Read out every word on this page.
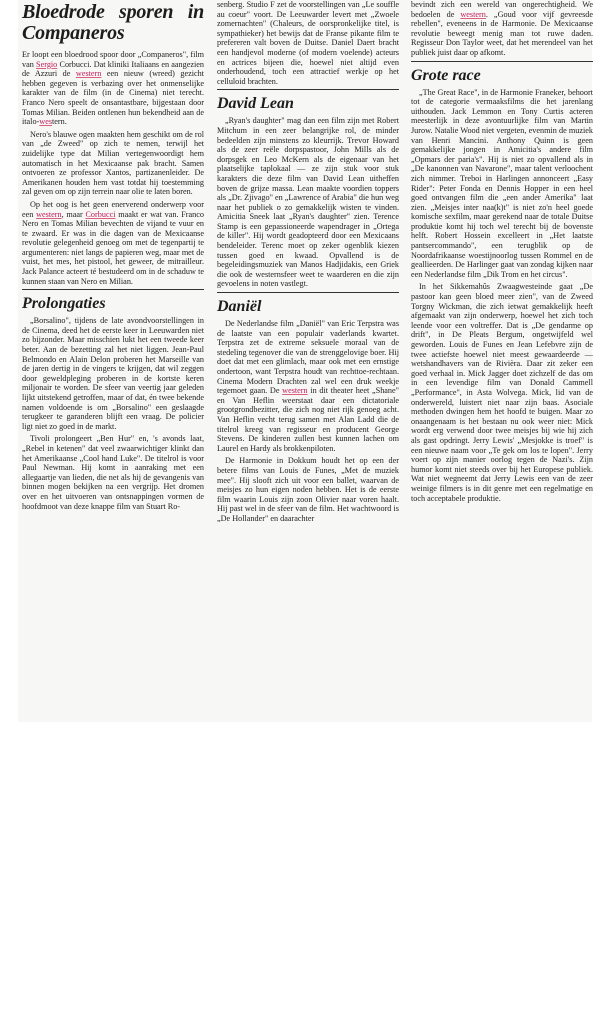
Bloedrode sporen in Companeros

Er loopt een bloedrood spoor door „Companeros", film van Sergio Corbucci. Dat kliniki Italiaans en aangezien de Azzuri de western een nieuw (wreed) gezicht hebben gegeven is verbazing over het onmenselijke karakter van de film (in de Cinema) niet terecht. Franco Nero speelt de onsantastbare, bijgestaan door Tomas Milian. Beiden ontlenen hun bekendheid aan de italo-western.

Nero's blauwe ogen maakten hem geschikt om de rol van „de Zweed" op zich te nemen, terwijl het zuidelijke type dat Milian vertegenwoordigt hem automatisch in het Mexicaanse pak bracht. Samen ontvoeren ze professor Xantos, partizanenleider. De Amerikanen houden hem vast totdat hij toestemming zal geven om op zijn terrein naar olie te laten boren.

Op het oog is het geen enerverend onderwerp voor een western, maar Corbucci maakt er wat van. Franco Nero en Tomas Milian bevechten de vijand te vuur en te zwaard. Er was in die dagen van de Mexicaanse revolutie gelegenheid genoeg om met de tegenpartij te argumenteren: niet langs de papieren weg, maar met de vuist, het mes, het pistool, het geweer, de mitrailleur. Jack Palance acteert té bestudeerd om in de schaduw te kunnen staan van Nero en Milian.

Prolongaties

„Borsalino", tijdens de late avondvoorstellingen in de Cinema, deed het de eerste keer in Leeuwarden niet zo bijzonder. Maar misschien lukt het een tweede keer beter. Aan de bezetting zal het niet liggen. Jean-Paul Belmondo en Alain Delon proberen het Marseille van de jaren dertig in de vingers te krijgen, dat wil zeggen door geweldpleging proberen in de kortste keren miljonair te worden. De sfeer van veertig jaar geleden lijkt uitstekend getroffen, maar of dat, én twee bekende namen voldoende is om „Borsalino" een geslaagde terugkeer te garanderen blijft een vraag. De policier ligt niet zo goed in de markt.

Tivoli prolongeert „Ben Hur" en, 's avonds laat, „Rebel in ketenen" dat veel zwaarwichtiger klinkt dan het Amerikaanse „Cool hand Luke". De titelrol is voor Paul Newman. Hij komt in aanraking met een allegaartje van lieden, die net als hij de gevangenis van binnen mogen bekijken na een vergrijp. Het dromen over en het uitvoeren van ontsnappingen vormen de hoofdmoot van deze knappe film van Stuart Ro-

senberg. Studio F zet de voorstellingen van „Le souffle au coeur" voort. De Leeuwarder levert met „Zwoele zomernachten" (Chaleurs, de oorspronkelijke titel, is sympathieker) het bewijs dat de Franse pikante film te prefereren valt boven de Duitse. Daniel Daert bracht een handjevol moderne (of modern voelende) acteurs en actrices bijeen die, hoewel niet altijd even onderhoudend, toch een attractief werkje op het celluloid brachten.

David Lean

„Ryan's daughter" mag dan een film zijn met Robert Mitchum in een zeer belangrijke rol, de minder bedeelden zijn minstens zo kleurrijk. Trevor Howard als de zeer reële dorpspastoor, John Mills als de dorpsgek en Leo McKern als de eigenaar van het plaatselijke taplokaal — ze zijn stuk voor stuk karakters die deze film van David Lean uitheffen boven de grijze massa. Lean maakte voordien toppers als „Dr. Zjivago" en „Lawrence of Arabia" die hun weg naar het publiek o zo gemakkelijk wisten te vinden. Amicitia Sneek laat „Ryan's daughter" zien. Terence Stamp is een gepassioneerde wapendrager in „Ortega de killer". Hij wordt geadopteerd door een Mexicaans bendeleider. Terenc moet op zeker ogenblik kiezen tussen goed en kwaad. Opvallend is de begeleidingsmuziek van Manos Hadjidakis, een Griek die ook de westernsfeer weet te waarderen en die zijn gevoelens in noten vastlegt.

Daniël

De Nederlandse film „Daniël" van Eric Terpstra was de laatste van een populair vaderlands kwartet. Terpstra zet de extreme seksuele moraal van de stedeling tegenover die van de strenggelovige boer. Hij doet dat met een glimlach, maar ook met een ernstige ondertoon, want Terpstra houdt van rechttoe-rechtaan. Cinema Modern Drachten zal wel een druk weekje tegemoet gaan. De western in dit theater heet „Shane" en Van Heflin weerstaat daar een dictatoriale grootgrondbezitter, die zich nog niet rijk genoeg acht. Van Heflin vecht terug samen met Alan Ladd die de titelrol kreeg van regisseur en producent George Stevens. De kinderen zullen best kunnen lachen om Laurel en Hardy als brokkenpiloten.

De Harmonie in Dokkum houdt het op een der betere films van Louis de Funes, „Met de muziek mee". Hij slooft zich uit voor een ballet, waarvan de meisjes zo hun eigen noden hebben. Het is de eerste film waarin Louis zijn zoon Olivier naar voren haalt. Hij past wel in de sfeer van de film. Het wachtwoord is „De Hollander" en daarachter

bevindt zich een wereld van ongerechtigheid. We bedoelen de western. „Goud voor vijf gevreesde rebellen", eveneens in de Harmonie. De Mexicaanse revolutie beweegt menig man tot ruwe daden. Regisseur Don Taylor weet, dat het merendeel van het publiek juist daar op afkomt.

Grote race

„The Great Race", in de Harmonie Franeker, behoort tot de categorie vermaaksfilms die het jarenlang uithouden. Jack Lemmon en Tony Curtis acteren meesterlijk in deze avontuurlijke film van Martin Jurow. Natalie Wood niet vergeten, evenmin de muziek van Henri Mancini. Anthony Quinn is geen gemakkelijke jongen in Amicitia's andere film „Opmars der paria's". Hij is niet zo opvallend als in „De kanonnen van Navarone", maar talent verloochent zich nimmer. Treboi in Harlingen annonceert „Easy Rider": Peter Fonda en Dennis Hopper in een heel goed ontvangen film die „een ander Amerika" laat zien. „Meisjes inter naa(k)t" is niet zo'n heel goede komische sexfilm, maar gerekend naar de totale Duitse produktie komt hij toch wel terecht bij de bovenste helft. Robert Hossein excelleert in „Het laatste pantsercommando", een terugblik op de Noordafrikaanse woestijnoorlog tussen Rommel en de geallieerden. De Harlinger gaat van zondag kijken naar een Nederlandse film „Dik Trom en het circus".

In het Sikkemahûs Zwaagwesteinde gaat „De pastoor kan geen bloed meer zien", van de Zweed Torgny Wickman, die zich ietwat gemakkelijk heeft afgemaakt van zijn onderwerp, hoewel het zich toch leende voor een voltreffer. Dat is „De gendarme op drift", in De Pleats Bergum, ongetwijfeld wel geworden. Louis de Funes en Jean Lefebvre zijn de twee actiefste hoewel niet meest gewaardeerde — wetshandhavers van de Rivièra. Daar zit zeker een goed verhaal in. Mick Jagger doet zichzelf de das om in een levendige film van Donald Cammell „Performance", in Asta Wolvega. Mick, lid van de onderwereld, luistert niet naar zijn baas. Asociale methoden dwingen hem het hoofd te buigen. Maar zo onaangenaam is het bestaan nu ook weer niet: Mick wordt erg verwend door twee meisjes bij wie hij zich als gast opdringt. Jerry Lewis' „Mesjokke is troef" is een nieuwe naam voor „Te gek om los te lopen". Jerry voert op zijn manier oorlog tegen de Nazi's. Zijn humor komt niet steeds over bij het Europese publiek. Wat niet wegneemt dat Jerry Lewis een van de zeer weinige filmers is in dit genre met een regelmatige en toch acceptabele produktie.
